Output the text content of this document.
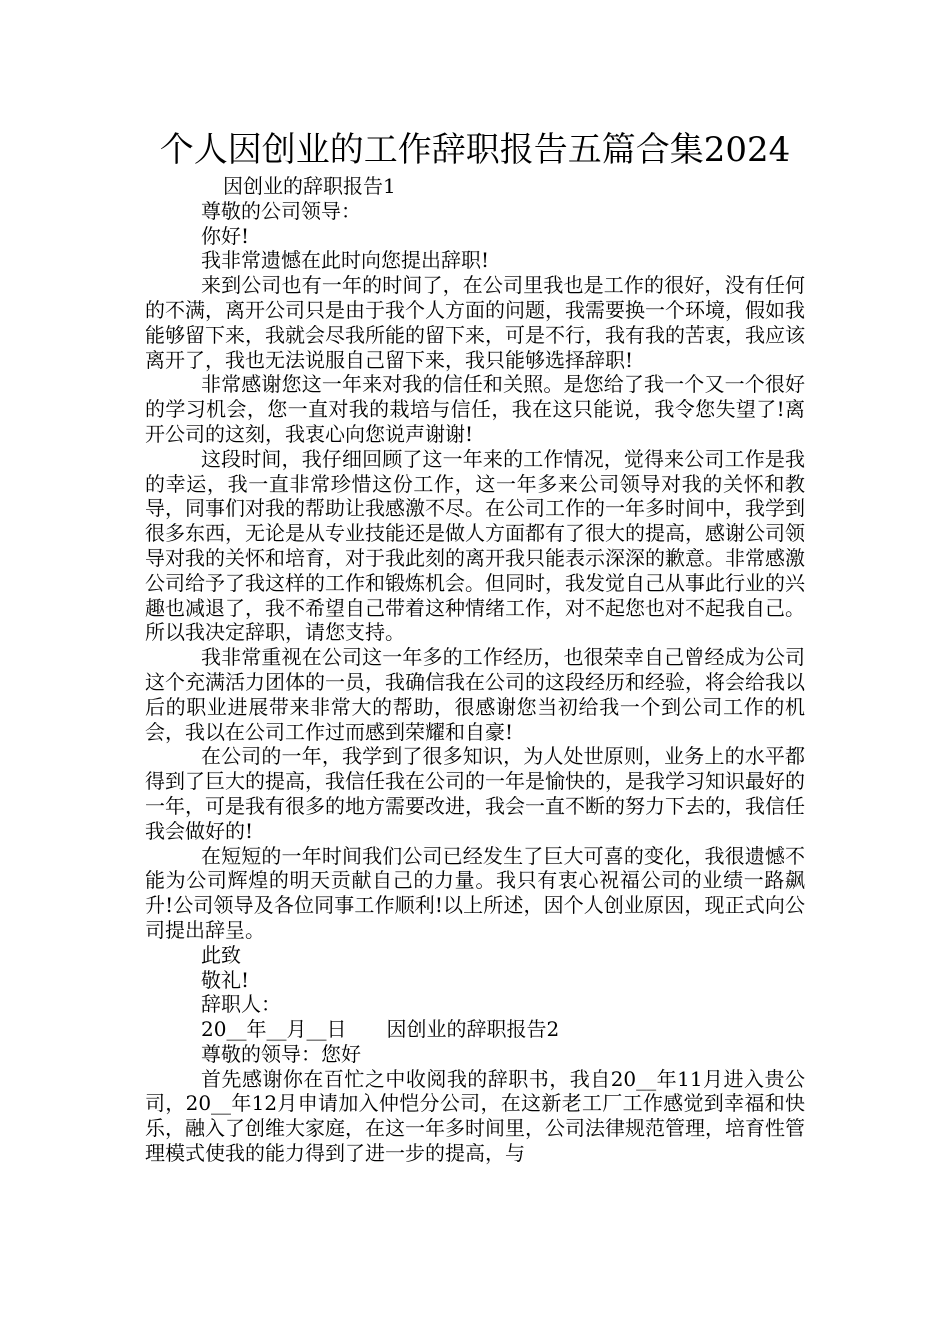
个人因创业的工作辞职报告五篇合集2024

因创业的辞职报告1

尊敬的公司领导：

你好!

我非常遗憾在此时向您提出辞职!

来到公司也有一年的时间了，在公司里我也是工作的很好，没有任何的不满，离开公司只是由于我个人方面的问题，我需要换一个环境，假如我能够留下来，我就会尽我所能的留下来，可是不行，我有我的苦衷，我应该离开了，我也无法说服自己留下来，我只能够选择辞职!

非常感谢您这一年来对我的信任和关照。是您给了我一个又一个很好的学习机会，您一直对我的栽培与信任，我在这只能说，我令您失望了!离开公司的这刻，我衷心向您说声谢谢!

这段时间，我仔细回顾了这一年来的工作情况，觉得来公司工作是我的幸运，我一直非常珍惜这份工作，这一年多来公司领导对我的关怀和教导，同事们对我的帮助让我感激不尽。在公司工作的一年多时间中，我学到很多东西，无论是从专业技能还是做人方面都有了很大的提高，感谢公司领导对我的关怀和培育，对于我此刻的离开我只能表示深深的歉意。非常感激公司给予了我这样的工作和锻炼机会。但同时，我发觉自己从事此行业的兴趣也减退了，我不希望自己带着这种情绪工作，对不起您也对不起我自己。所以我决定辞职，请您支持。

我非常重视在公司这一年多的工作经历，也很荣幸自己曾经成为公司这个充满活力团体的一员，我确信我在公司的这段经历和经验，将会给我以后的职业进展带来非常大的帮助，很感谢您当初给我一个到公司工作的机会，我以在公司工作过而感到荣耀和自豪!

在公司的一年，我学到了很多知识，为人处世原则，业务上的水平都得到了巨大的提高，我信任我在公司的一年是愉快的，是我学习知识最好的一年，可是我有很多的地方需要改进，我会一直不断的努力下去的，我信任我会做好的!

在短短的一年时间我们公司已经发生了巨大可喜的变化，我很遗憾不能为公司辉煌的明天贡献自己的力量。我只有衷心祝福公司的业绩一路飙升!公司领导及各位同事工作顺利!以上所述，因个人创业原因，现正式向公司提出辞呈。

此致

敬礼!

辞职人：

20__年__月__日　　因创业的辞职报告2

尊敬的领导：您好

首先感谢你在百忙之中收阅我的辞职书，我自20__年11月进入贵公司，20__年12月申请加入仲恺分公司，在这新老工厂工作感觉到幸福和快乐，融入了创维大家庭，在这一年多时间里，公司法律规范管理，培育性管理模式使我的能力得到了进一步的提高，与
